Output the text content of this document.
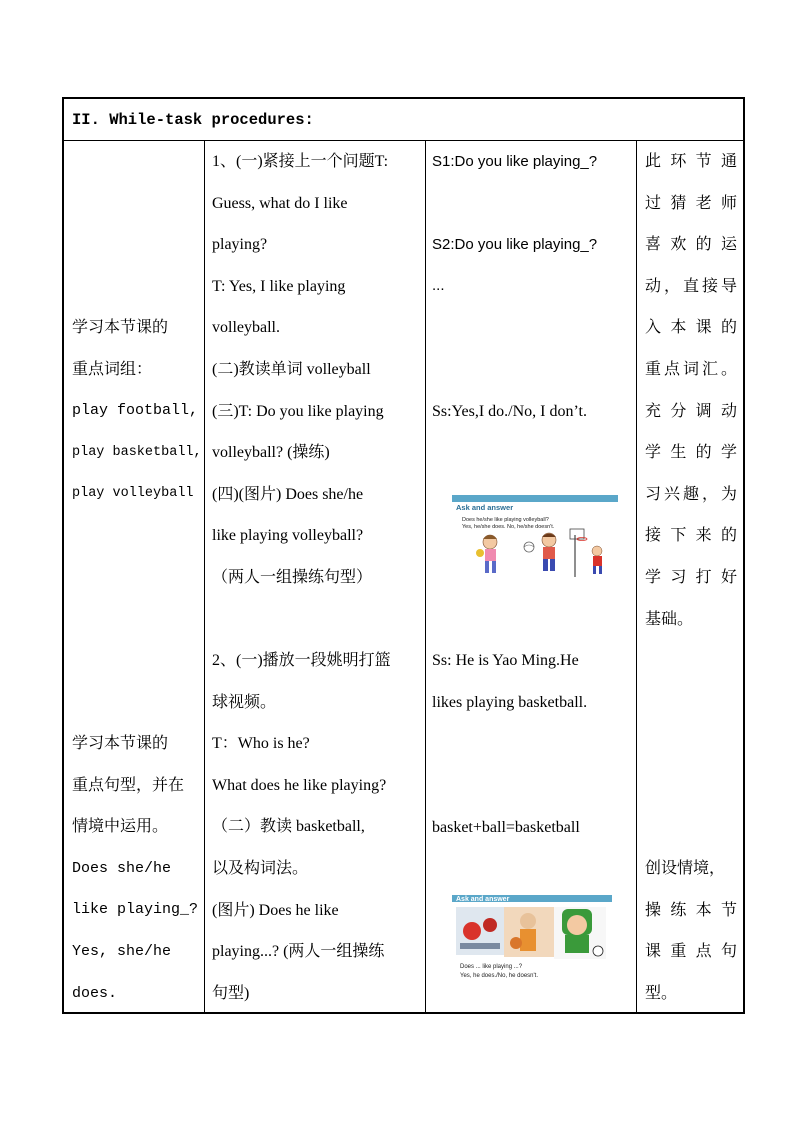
II. While-task procedures:
学习本节课的
重点词组：
play football,
play basketball,
play volleyball
学习本节课的
重点句型，并在
情境中运用。
Does she/he
like playing_?
Yes, she/he
does.
1、(一)紧接上一个问题T:
Guess, what do I like
playing?
T: Yes, I like playing
volleyball.
(二)教读单词 volleyball
(三)T: Do you like playing
volleyball? (操练)
(四)(图片) Does she/he
like playing volleyball?
（两人一组操练句型）
2、(一)播放一段姚明打篮
球视频。
T：Who is he?
What does he like playing?
（二）教读 basketball,
以及构词法。
(图片) Does he like
playing...? (两人一组操练
句型)
S1:Do you like playing_?
S2:Do you like playing_?
...
Ss:Yes,I do./No, I don’t.
Ask and answer
Does he/she like playing volleyball?
Yes, he/she does. No, he/she doesn't.
Ss: He is Yao Ming.He
likes playing basketball.
basket+ball=basketball
Ask and answer
Does ... like playing ...?
Yes, he does./No, he doesn't.
此环节通
过猜老师
喜欢的运
动，直接导
入本课的
重点词汇。
充分调动
学生的学
习兴趣，为
接下来的
学习打好
基础。
创设情境，
操练本节
课重点句
型。
